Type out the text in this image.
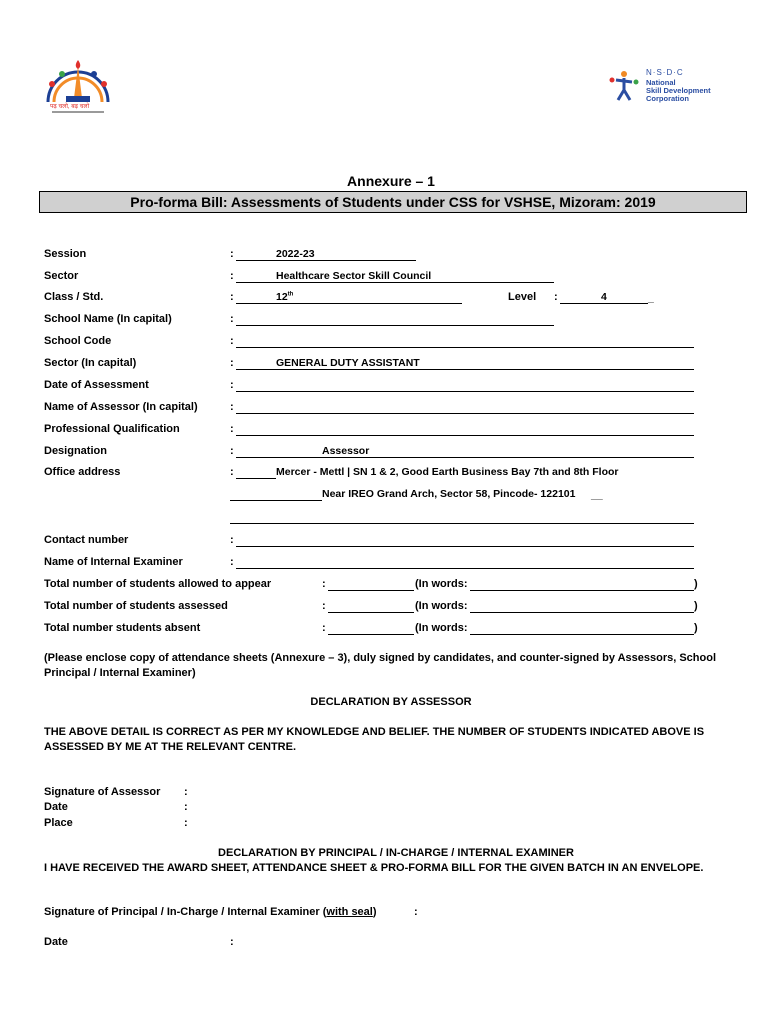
पढ़ चलो, बढ़ चलो
N·S·D·C
National
Skill Development
Corporation
Annexure – 1
Pro-forma Bill: Assessments of Students under CSS for VSHSE, Mizoram: 2019
Session	:	2022-23
Sector	:	Healthcare Sector Skill Council
Class / Std.	:	12th	Level :	4	_
School Name (In capital)	:
School Code	:
Sector (In capital)	:	GENERAL DUTY ASSISTANT
Date of Assessment	:
Name of Assessor (In capital)	:
Professional Qualification	:
Designation	:	Assessor
Office address	:	Mercer - Mettl | SN 1 & 2, Good Earth Business Bay 7th and 8th Floor
Near IREO Grand Arch, Sector 58, Pincode- 122101 __
Contact number	:
Name of Internal Examiner	:
Total number of students allowed to appear	:	(In words:	)
Total number of students assessed	:	(In words:	)
Total number students absent	:	(In words:	)
(Please enclose copy of attendance sheets (Annexure – 3), duly signed by candidates, and counter-signed by Assessors, School Principal / Internal Examiner)
DECLARATION BY ASSESSOR
THE ABOVE DETAIL IS CORRECT AS PER MY KNOWLEDGE AND BELIEF. THE NUMBER OF STUDENTS INDICATED ABOVE IS ASSESSED BY ME AT THE RELEVANT CENTRE.
Signature of Assessor :
Date	:
Place	:
DECLARATION BY PRINCIPAL / IN-CHARGE / INTERNAL EXAMINER
I HAVE RECEIVED THE AWARD SHEET, ATTENDANCE SHEET & PRO-FORMA BILL FOR THE GIVEN BATCH IN AN ENVELOPE.
Signature of Principal / In-Charge / Internal Examiner (with seal)	:
Date	:
